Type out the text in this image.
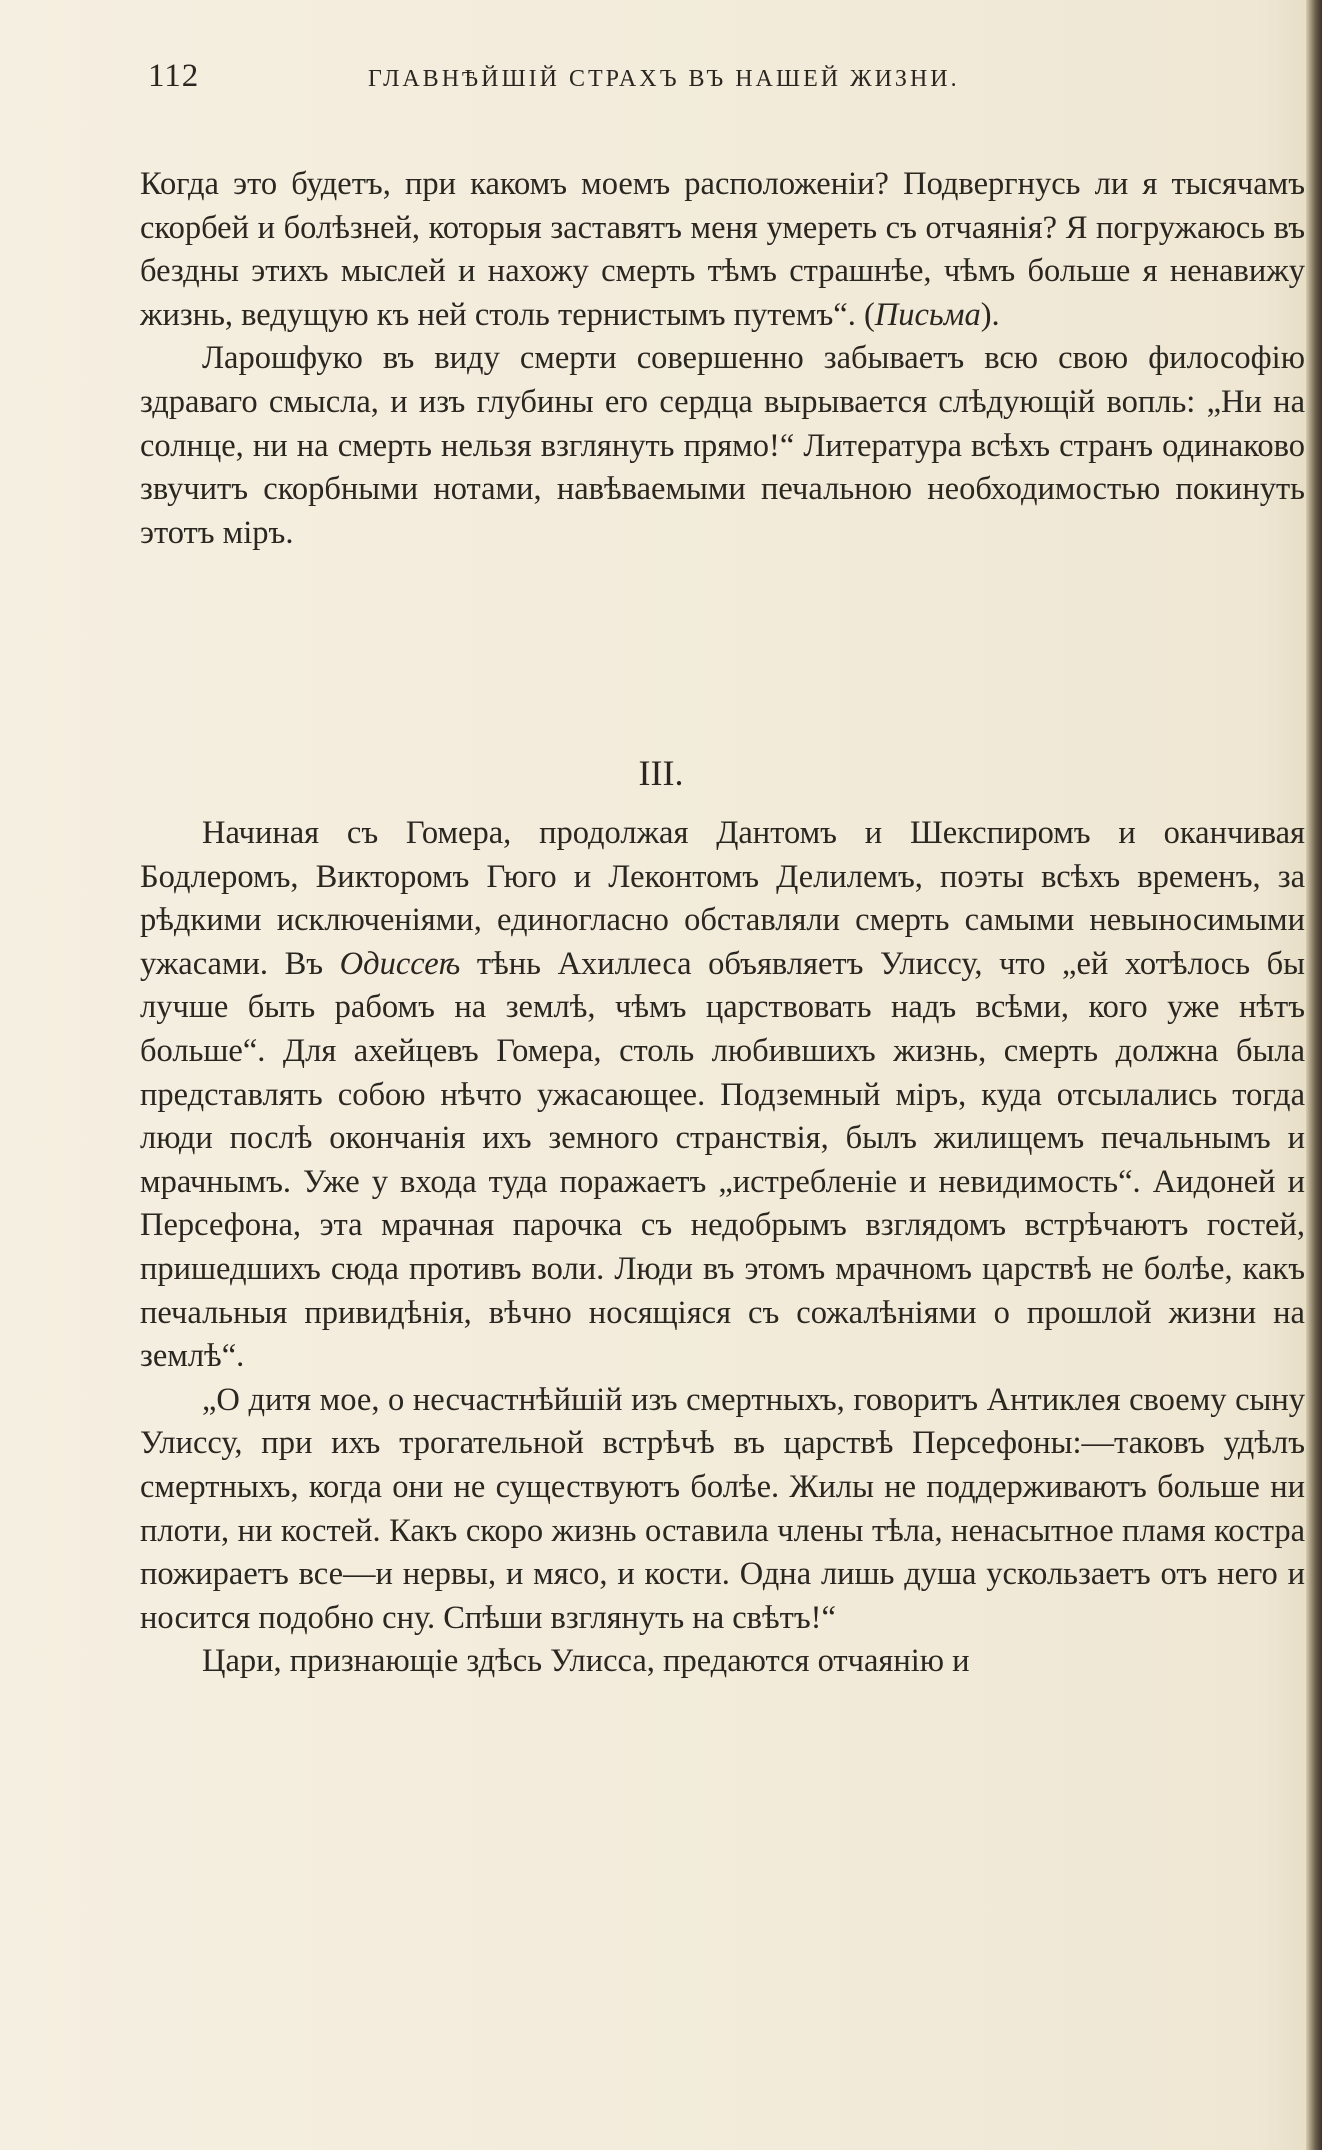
112	ГЛАВНѢЙШІЙ СТРАХЪ ВЪ НАШЕЙ ЖИЗНИ.

Когда это будетъ, при какомъ моемъ расположеніи? Подвергнусь ли я тысячамъ скорбей и болѣзней, которыя заставятъ меня умереть съ отчаянія? Я погружаюсь въ бездны этихъ мыслей и нахожу смерть тѣмъ страшнѣе, чѣмъ больше я ненавижу жизнь, ведущую къ ней столь тернистымъ путемъ“. (Письма).

Ларошфуко въ виду смерти совершенно забываетъ всю свою философію здраваго смысла, и изъ глубины его сердца вырывается слѣдующій вопль: „Ни на солнце, ни на смерть нельзя взглянуть прямо!“ Литература всѣхъ странъ одинаково звучитъ скорбными нотами, навѣваемыми печальною необходимостью покинуть этотъ міръ.

III.

Начиная съ Гомера, продолжая Дантомъ и Шекспиромъ и оканчивая Бодлеромъ, Викторомъ Гюго и Леконтомъ Делилемъ, поэты всѣхъ временъ, за рѣдкими исключеніями, единогласно обставляли смерть самыми невыносимыми ужасами. Въ Одиссеѣ тѣнь Ахиллеса объявляетъ Улиссу, что „ей хотѣлось бы лучше быть рабомъ на землѣ, чѣмъ царствовать надъ всѣми, кого уже нѣтъ больше“. Для ахейцевъ Гомера, столь любившихъ жизнь, смерть должна была представлять собою нѣчто ужасающее. Подземный міръ, куда отсылались тогда люди послѣ окончанія ихъ земного странствія, былъ жилищемъ печальнымъ и мрачнымъ. Уже у входа туда поражаетъ „истребленіе и невидимость“. Аидоней и Персефона, эта мрачная парочка съ недобрымъ взглядомъ встрѣчаютъ гостей, пришедшихъ сюда противъ воли. Люди въ этомъ мрачномъ царствѣ не болѣе, какъ печальныя привидѣнія, вѣчно носящіяся съ сожалѣніями о прошлой жизни на землѣ“.

„О дитя мое, о несчастнѣйшій изъ смертныхъ, говоритъ Антиклея своему сыну Улиссу, при ихъ трогательной встрѣчѣ въ царствѣ Персефоны:—таковъ удѣлъ смертныхъ, когда они не существуютъ болѣе. Жилы не поддерживаютъ больше ни плоти, ни костей. Какъ скоро жизнь оставила члены тѣла, ненасытное пламя костра пожираетъ все—и нервы, и мясо, и кости. Одна лишь душа ускользаетъ отъ него и носится подобно сну. Спѣши взглянуть на свѣтъ!“

Цари, признающіе здѣсь Улисса, предаются отчаянію и
